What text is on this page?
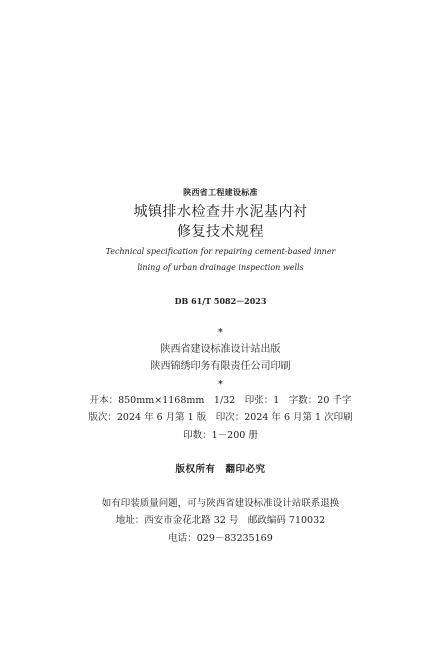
陕西省工程建设标准
城镇排水检查井水泥基内衬
修复技术规程
Technical specification for repairing cement-based inner
lining of urban drainage inspection wells
DB 61/T 5082－2023
*
陕西省建设标准设计站出版
陕西锦绣印务有限责任公司印刷
*
开本：850mm×1168mm　1/32　印张：1　字数：20 千字
版次：2024 年 6 月第 1 版　印次：2024 年 6 月第 1 次印刷
印数：1－200 册
版权所有　翻印必究
如有印装质量问题，可与陕西省建设标准设计站联系退换
地址：西安市金花北路 32 号　邮政编码 710032
电话：029－83235169
